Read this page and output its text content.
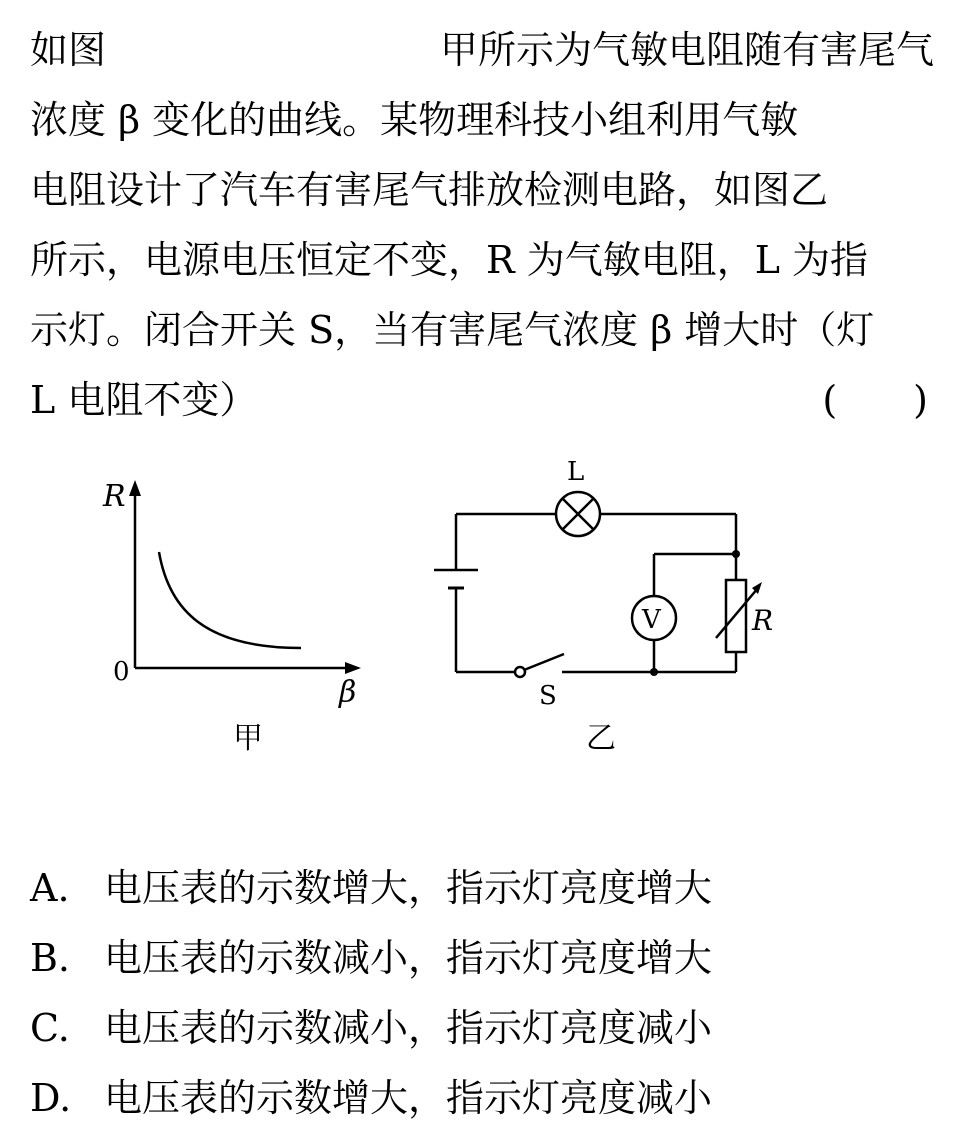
如图	甲所示为气敏电阻随有害尾气
浓度 β 变化的曲线。某物理科技小组利用气敏
电阻设计了汽车有害尾气排放检测电路，如图乙
所示，电源电压恒定不变，R 为气敏电阻，L 为指
示灯。闭合开关 S，当有害尾气浓度 β 增大时（灯
L 电阻不变）	(　　)
R
0
β
甲
L
V	R
S
乙
A. 电压表的示数增大，指示灯亮度增大
B. 电压表的示数减小，指示灯亮度增大
C. 电压表的示数减小，指示灯亮度减小
D. 电压表的示数增大，指示灯亮度减小
